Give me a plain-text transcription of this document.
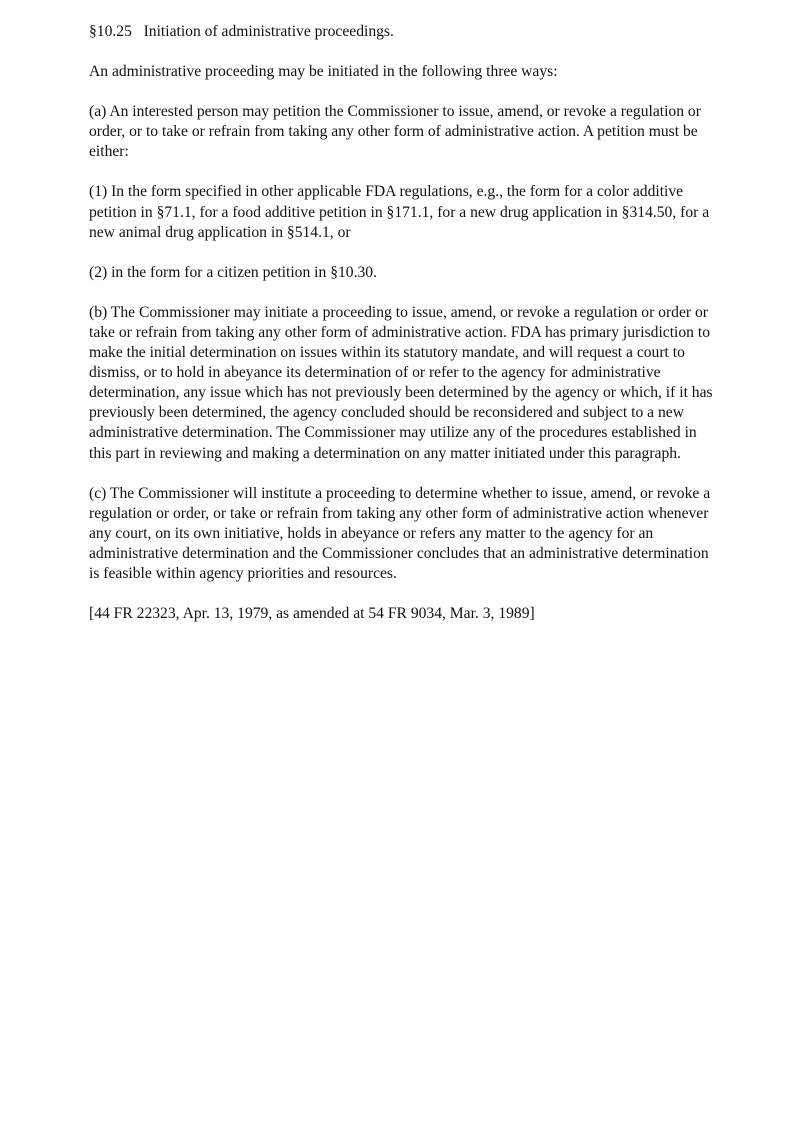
§10.25   Initiation of administrative proceedings.

An administrative proceeding may be initiated in the following three ways:

(a) An interested person may petition the Commissioner to issue, amend, or revoke a regulation or order, or to take or refrain from taking any other form of administrative action. A petition must be either:

(1) In the form specified in other applicable FDA regulations, e.g., the form for a color additive petition in §71.1, for a food additive petition in §171.1, for a new drug application in §314.50, for a new animal drug application in §514.1, or

(2) in the form for a citizen petition in §10.30.

(b) The Commissioner may initiate a proceeding to issue, amend, or revoke a regulation or order or take or refrain from taking any other form of administrative action. FDA has primary jurisdiction to make the initial determination on issues within its statutory mandate, and will request a court to dismiss, or to hold in abeyance its determination of or refer to the agency for administrative determination, any issue which has not previously been determined by the agency or which, if it has previously been determined, the agency concluded should be reconsidered and subject to a new administrative determination. The Commissioner may utilize any of the procedures established in this part in reviewing and making a determination on any matter initiated under this paragraph.

(c) The Commissioner will institute a proceeding to determine whether to issue, amend, or revoke a regulation or order, or take or refrain from taking any other form of administrative action whenever any court, on its own initiative, holds in abeyance or refers any matter to the agency for an administrative determination and the Commissioner concludes that an administrative determination is feasible within agency priorities and resources.

[44 FR 22323, Apr. 13, 1979, as amended at 54 FR 9034, Mar. 3, 1989]
